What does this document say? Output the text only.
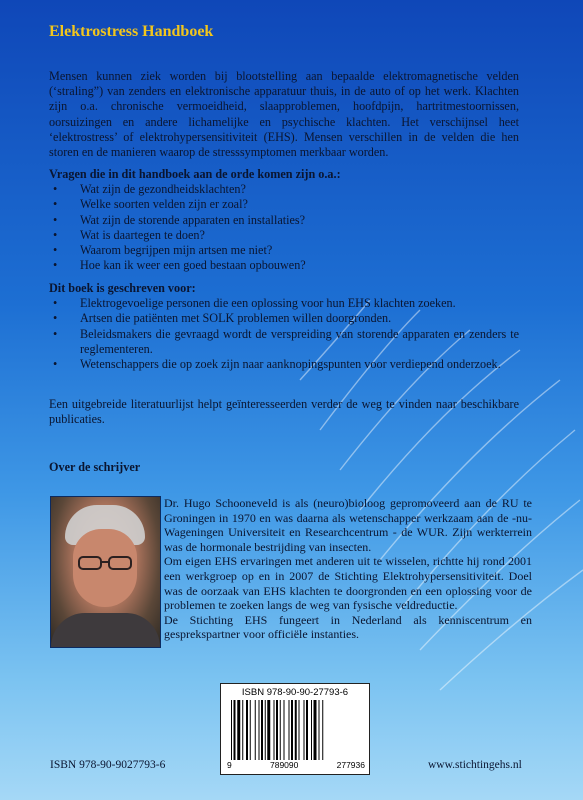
Elektrostress Handboek

Mensen kunnen ziek worden bij blootstelling aan bepaalde elektromagnetische velden (‘straling”) van zenders en elektronische apparatuur thuis, in de auto of op het werk. Klachten zijn o.a. chronische vermoeidheid, slaapproblemen, hoofdpijn, hartritmestoornissen, oorsuizingen en andere lichamelijke en psychische klachten. Het verschijnsel heet ‘elektrostress’ of elektrohypersensitiviteit (EHS). Mensen verschillen in de velden die hen storen en de manieren waarop de stresssymptomen merkbaar worden.

Vragen die in dit handboek aan de orde komen zijn o.a.:

• Wat zijn de gezondheidsklachten?
• Welke soorten velden zijn er zoal?
• Wat zijn de storende apparaten en installaties?
• Wat is daartegen te doen?
• Waarom begrijpen mijn artsen me niet?
• Hoe kan ik weer een goed bestaan opbouwen?

Dit boek is geschreven voor:

• Elektrogevoelige personen die een oplossing voor hun EHS klachten zoeken.
• Artsen die patiënten met SOLK problemen willen doorgronden.
• Beleidsmakers die gevraagd wordt de verspreiding van storende apparaten en zenders te reglementeren.
• Wetenschappers die op zoek zijn naar aanknopingspunten voor verdiepend onderzoek.

Een uitgebreide literatuurlijst helpt geïnteresseerden verder de weg te vinden naar beschikbare publicaties.

Over de schrijver

Dr. Hugo Schooneveld is als (neuro)bioloog gepromoveerd aan de RU te Groningen in 1970 en was daarna als wetenschapper werkzaam aan de -nu- Wageningen Universiteit en Researchcentrum - de WUR. Zijn werkterrein was de hormonale bestrijding van insecten.

Om eigen EHS ervaringen met anderen uit te wisselen, richtte hij rond 2001 een werkgroep op en in 2007 de Stichting Elektrohypersensitiviteit. Doel was de oorzaak van EHS klachten te doorgronden en een oplossing voor de problemen te zoeken langs de weg van fysische veldreductie.

De Stichting EHS fungeert in Nederland als kenniscentrum en gesprekspartner voor officiële instanties.

ISBN 978-90-90-27793-6
9	789090	277936
ISBN 978-90-9027793-6	www.stichtingehs.nl
